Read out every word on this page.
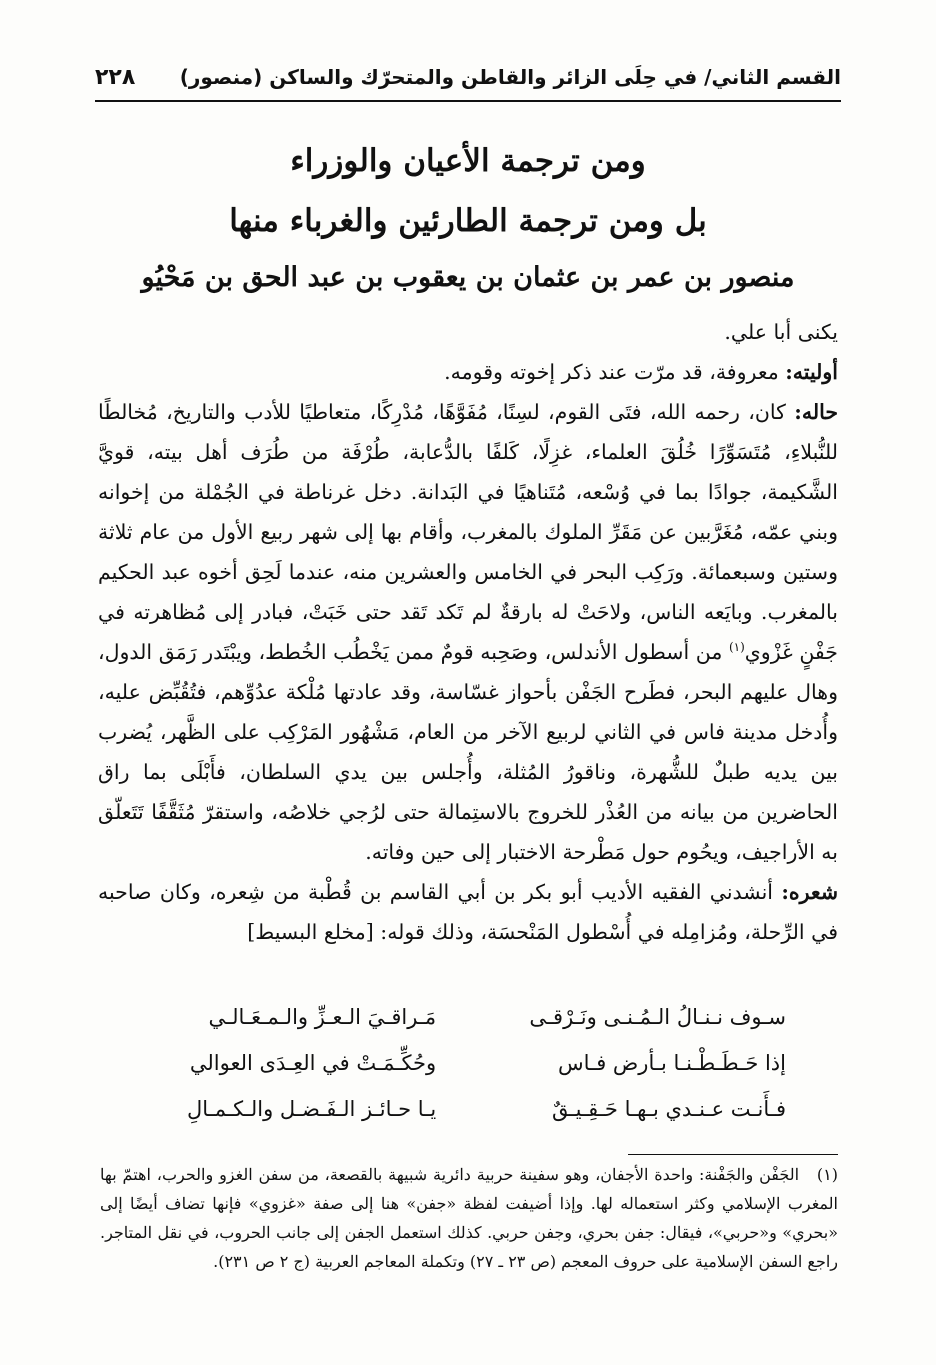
القسم الثاني/ في حِلَى الزائر والقاطن والمتحرّك والساكن (منصور)
٢٢٨
ومن ترجمة الأعيان والوزراء
بل ومن ترجمة الطارئين والغرباء منها
منصور بن عمر بن عثمان بن يعقوب بن عبد الحق بن مَحْيُو

يكنى أبا علي.

أوليته: معروفة، قد مرّت عند ذكر إخوته وقومه.

حاله: كان، رحمه الله، فتَى القوم، لسِنًا، مُفَوَّهًا، مُدْرِكًا، متعاطيًا للأدب والتاريخ، مُخالطًا للنُّبلاءِ، مُتَسَوِّرًا خُلُقَ العلماء، غزِلًا، كَلفًا بالدُّعابة، طُرْفَة من طُرَف أهل بيته، قويَّ الشَّكيمة، جوادًا بما في وُسْعه، مُتَناهيًا في البَدانة. دخل غرناطة في الجُمْلة من إخوانه وبني عمّه، مُغَرَّبين عن مَقَرِّ الملوك بالمغرب، وأقام بها إلى شهر ربيع الأول من عام ثلاثة وستين وسبعمائة. ورَكِب البحر في الخامس والعشرين منه، عندما لَحِق أخوه عبد الحكيم بالمغرب. وبايَعه الناس، ولاحَتْ له بارقةٌ لم تَكد تَقد حتى خَبَتْ، فبادر إلى مُظاهرته في جَفْنٍ غَزْوي$^{(١)}$ من أسطول الأندلس، وصَحِبه قومٌ ممن يَخْطُب الخُطط، ويبْتَدر رَمَق الدول، وهال عليهم البحر، فطَرح الجَفْن بأحواز غسّاسة، وقد عادتها مُلْكة عدُوِّهم، فتُقُبِّض عليه، وأُدخل مدينة فاس في الثاني لربيع الآخر من العام، مَشْهُور المَرْكِب على الظَّهر، يُضرب بين يديه طبلٌ للشُّهرة، وناقورُ المُثلة، وأُجلس بين يدي السلطان، فأَبْلَى بما راق الحاضرين من بيانه من العُذْر للخروج بالاستِمالة حتى لرُجي خلاصُه، واستقرّ مُثَقَّفًا تَتَعلّق به الأراجيف، ويحُوم حول مَطْرحة الاختبار إلى حين وفاته.

شعره: أنشدني الفقيه الأديب أبو بكر بن أبي القاسم بن قُطْبة من شِعره، وكان صاحبه في الرِّحلة، ومُزامِله في أُسْطول المَنْحسَة، وذلك قوله: [مخلع البسيط]

سـوف نـنـالُ الـمُـنـى ونَـرْقـى
مَـراقـيَ الـعـزِّ والـمـعَـالـي
إذا حَـطَـطْـنـا بـأرض فـاس
وحُكِّـمَـتْ في العِـدَى العوالي
فـأَنـت عـنـدي بـهـا حَـقِـيـقٌ
يـا حـائـز الـفَـضـل والـكـمـالِ

(١) الجَفْن والجَفْنة: واحدة الأجفان، وهو سفينة حربية دائرية شبيهة بالقصعة، من سفن الغزو والحرب، اهتمّ بها المغرب الإسلامي وكثر استعماله لها. وإذا أضيفت لفظة «جفن» هنا إلى صفة «غزوي» فإنها تضاف أيضًا إلى «بحري» و«حربي»، فيقال: جفن بحري، وجفن حربي. كذلك استعمل الجفن إلى جانب الحروب، في نقل المتاجر. راجع السفن الإسلامية على حروف المعجم (ص ٢٣ ـ ٢٧) وتكملة المعاجم العربية (ج ٢ ص ٢٣١).
